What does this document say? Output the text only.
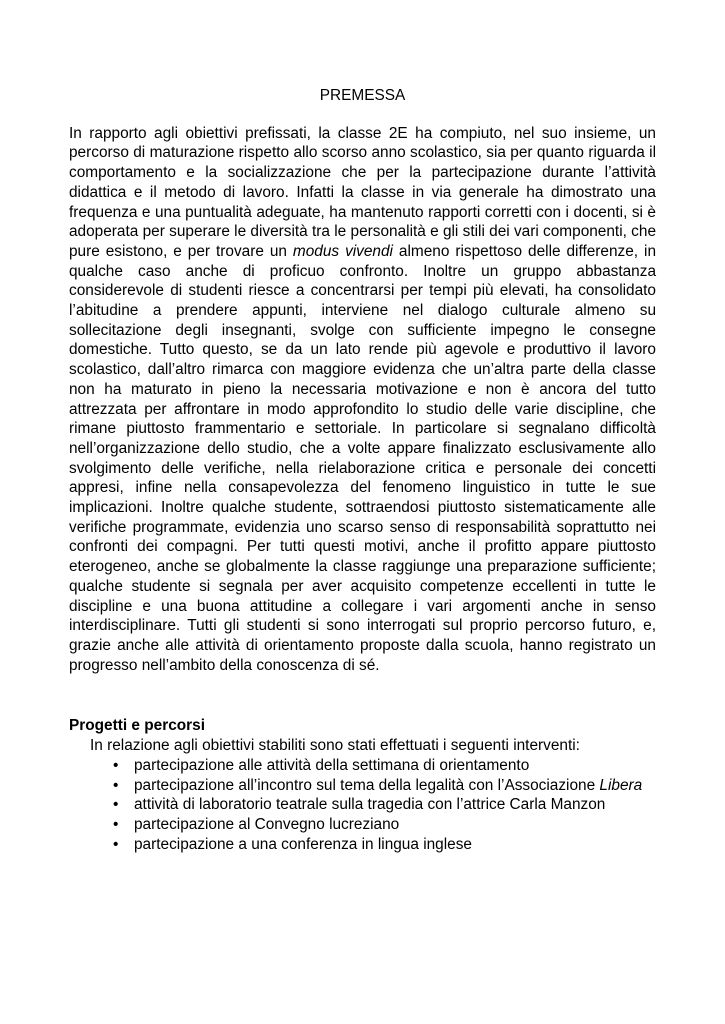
PREMESSA

In rapporto agli obiettivi prefissati, la classe 2E ha compiuto, nel suo insieme, un percorso di maturazione rispetto allo scorso anno scolastico, sia per quanto riguarda il comportamento e la socializzazione che per la partecipazione durante l’attività didattica e il metodo di lavoro. Infatti la classe in via generale ha dimostrato una frequenza e una puntualità adeguate, ha mantenuto rapporti corretti con i docenti, si è adoperata per superare le diversità tra le personalità e gli stili dei vari componenti, che pure esistono, e per trovare un modus vivendi almeno rispettoso delle differenze, in qualche caso anche di proficuo confronto. Inoltre un gruppo abbastanza considerevole di studenti riesce a concentrarsi per tempi più elevati, ha consolidato l’abitudine a prendere appunti, interviene nel dialogo culturale almeno su sollecitazione degli insegnanti, svolge con sufficiente impegno le consegne domestiche. Tutto questo, se da un lato rende più agevole e produttivo il lavoro scolastico, dall’altro rimarca con maggiore evidenza che un’altra parte della classe non ha maturato in pieno la necessaria motivazione e non è ancora del tutto attrezzata per affrontare in modo approfondito lo studio delle varie discipline, che rimane piuttosto frammentario e settoriale. In particolare si segnalano difficoltà nell’organizzazione dello studio, che a volte appare finalizzato esclusivamente allo svolgimento delle verifiche, nella rielaborazione critica e personale dei concetti appresi, infine nella consapevolezza del fenomeno linguistico in tutte le sue implicazioni. Inoltre qualche studente, sottraendosi piuttosto sistematicamente alle verifiche programmate, evidenzia uno scarso senso di responsabilità soprattutto nei confronti dei compagni. Per tutti questi motivi, anche il profitto appare piuttosto eterogeneo, anche se globalmente la classe raggiunge una preparazione sufficiente; qualche studente si segnala per aver acquisito competenze eccellenti in tutte le discipline e una buona attitudine a collegare i vari argomenti anche in senso interdisciplinare. Tutti gli studenti si sono interrogati sul proprio percorso futuro, e, grazie anche alle attività di orientamento proposte dalla scuola, hanno registrato un progresso nell’ambito della conoscenza di sé.

Progetti e percorsi

In relazione agli obiettivi stabiliti sono stati effettuati i seguenti interventi:

• partecipazione alle attività della settimana di orientamento
• partecipazione all’incontro sul tema della legalità con l’Associazione Libera
• attività di laboratorio teatrale sulla tragedia con l’attrice Carla Manzon
• partecipazione al Convegno lucreziano
• partecipazione a una conferenza in lingua inglese
